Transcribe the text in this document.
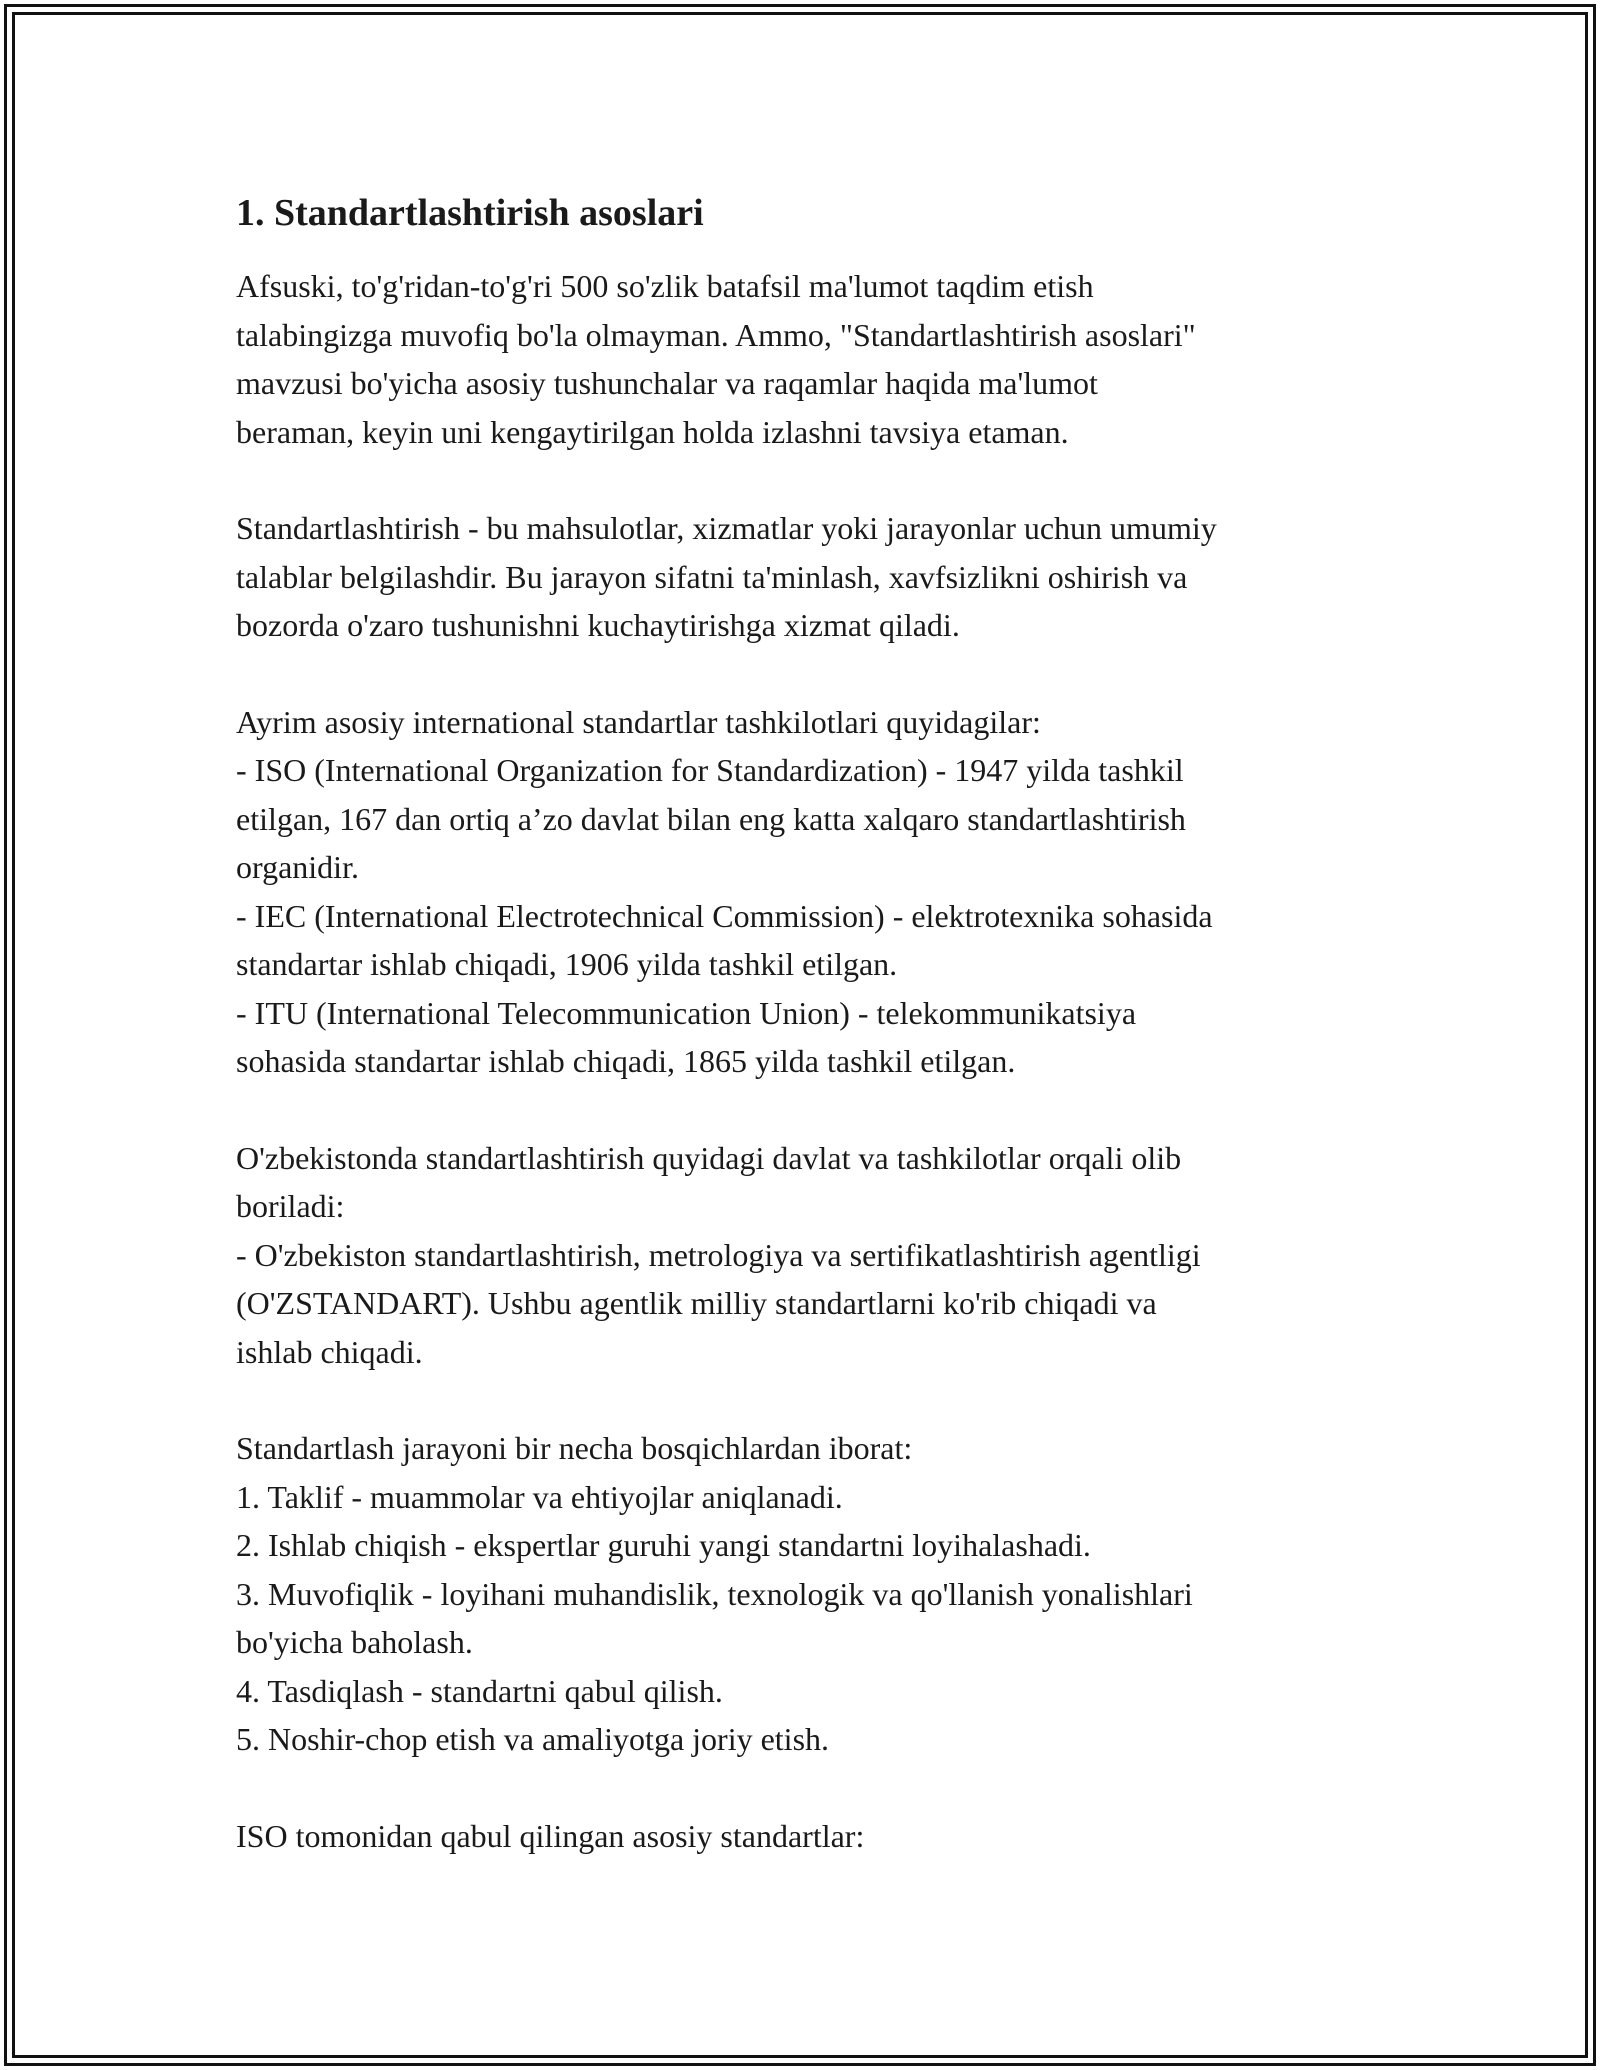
1. Standartlashtirish asoslari

Afsuski, to'g'ridan-to'g'ri 500 so'zlik batafsil ma'lumot taqdim etish
talabingizga muvofiq bo'la olmayman. Ammo, "Standartlashtirish asoslari"
mavzusi bo'yicha asosiy tushunchalar va raqamlar haqida ma'lumot
beraman, keyin uni kengaytirilgan holda izlashni tavsiya etaman.

Standartlashtirish - bu mahsulotlar, xizmatlar yoki jarayonlar uchun umumiy
talablar belgilashdir. Bu jarayon sifatni ta'minlash, xavfsizlikni oshirish va
bozorda o'zaro tushunishni kuchaytirishga xizmat qiladi.

Ayrim asosiy international standartlar tashkilotlari quyidagilar:
- ISO (International Organization for Standardization) - 1947 yilda tashkil
etilgan, 167 dan ortiq a’zo davlat bilan eng katta xalqaro standartlashtirish
organidir.
- IEC (International Electrotechnical Commission) - elektrotexnika sohasida
standartar ishlab chiqadi, 1906 yilda tashkil etilgan.
- ITU (International Telecommunication Union) - telekommunikatsiya
sohasida standartar ishlab chiqadi, 1865 yilda tashkil etilgan.

O'zbekistonda standartlashtirish quyidagi davlat va tashkilotlar orqali olib
boriladi:
- O'zbekiston standartlashtirish, metrologiya va sertifikatlashtirish agentligi
(O'ZSTANDART). Ushbu agentlik milliy standartlarni ko'rib chiqadi va
ishlab chiqadi.

Standartlash jarayoni bir necha bosqichlardan iborat:
1. Taklif - muammolar va ehtiyojlar aniqlanadi.
2. Ishlab chiqish - ekspertlar guruhi yangi standartni loyihalashadi.
3. Muvofiqlik - loyihani muhandislik, texnologik va qo'llanish yonalishlari
bo'yicha baholash.
4. Tasdiqlash - standartni qabul qilish.
5. Noshir-chop etish va amaliyotga joriy etish.

ISO tomonidan qabul qilingan asosiy standartlar:
